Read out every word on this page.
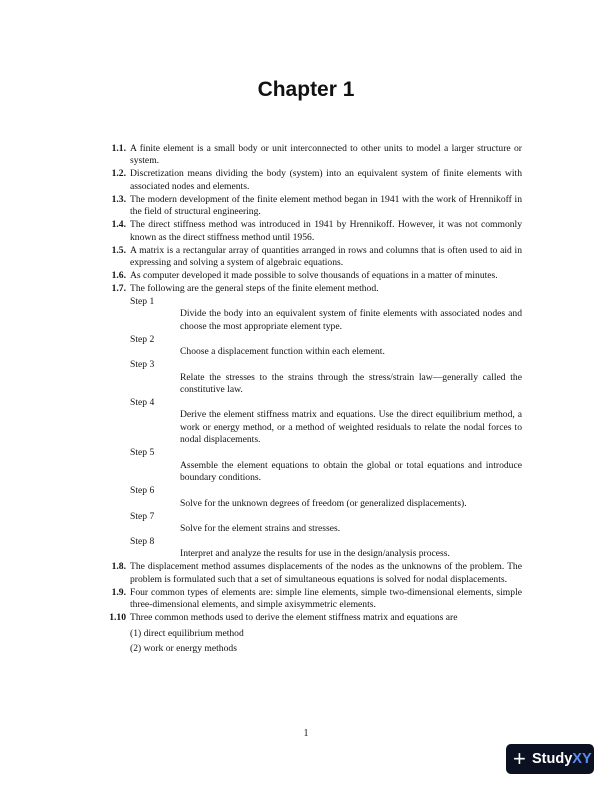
Chapter 1
1.1. A finite element is a small body or unit interconnected to other units to model a larger structure or system.
1.2. Discretization means dividing the body (system) into an equivalent system of finite elements with associated nodes and elements.
1.3. The modern development of the finite element method began in 1941 with the work of Hrennikoff in the field of structural engineering.
1.4. The direct stiffness method was introduced in 1941 by Hrennikoff. However, it was not commonly known as the direct stiffness method until 1956.
1.5. A matrix is a rectangular array of quantities arranged in rows and columns that is often used to aid in expressing and solving a system of algebraic equations.
1.6. As computer developed it made possible to solve thousands of equations in a matter of minutes.
1.7. The following are the general steps of the finite element method.
Step 1
Divide the body into an equivalent system of finite elements with associated nodes and choose the most appropriate element type.
Step 2
Choose a displacement function within each element.
Step 3
Relate the stresses to the strains through the stress/strain law—generally called the constitutive law.
Step 4
Derive the element stiffness matrix and equations. Use the direct equilibrium method, a work or energy method, or a method of weighted residuals to relate the nodal forces to nodal displacements.
Step 5
Assemble the element equations to obtain the global or total equations and introduce boundary conditions.
Step 6
Solve for the unknown degrees of freedom (or generalized displacements).
Step 7
Solve for the element strains and stresses.
Step 8
Interpret and analyze the results for use in the design/analysis process.
1.8. The displacement method assumes displacements of the nodes as the unknowns of the problem. The problem is formulated such that a set of simultaneous equations is solved for nodal displacements.
1.9. Four common types of elements are: simple line elements, simple two-dimensional elements, simple three-dimensional elements, and simple axisymmetric elements.
1.10 Three common methods used to derive the element stiffness matrix and equations are
(1) direct equilibrium method
(2) work or energy methods
1
+ StudyXY
